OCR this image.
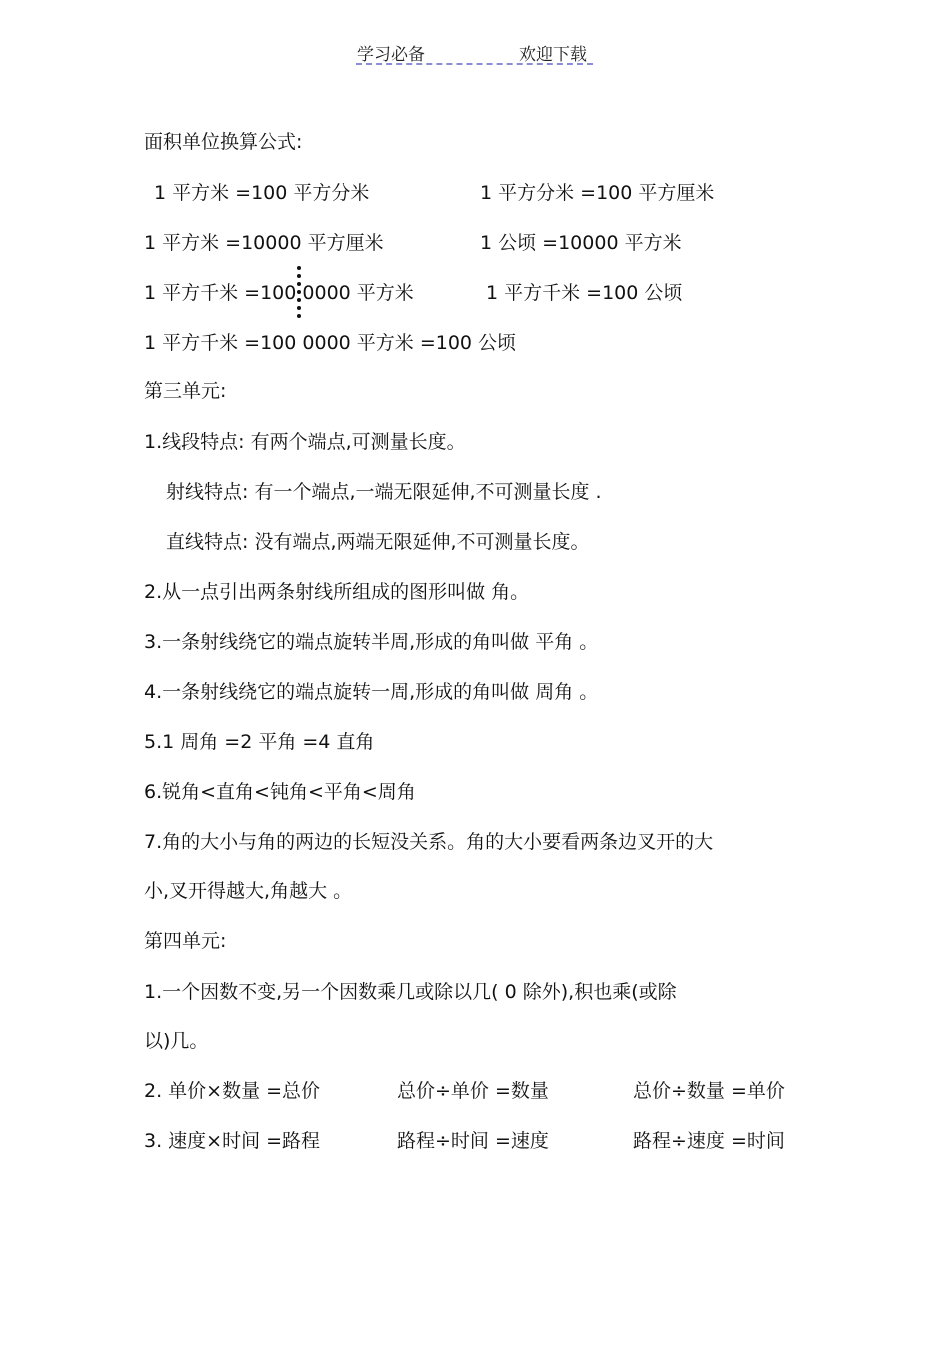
学习必备	欢迎下载
面积单位换算公式:
1 平方米 =100 平方分米	1 平方分米 =100 平方厘米
1 平方米 =10000 平方厘米	1 公顷 =10000 平方米
1 平方千米 =100 0000 平方米	1 平方千米 =100 公顷
1 平方千米 =100 0000 平方米 =100 公顷
第三单元:
1.线段特点: 有两个端点,可测量长度。
射线特点: 有一个端点,一端无限延伸,不可测量长度 .
直线特点: 没有端点,两端无限延伸,不可测量长度。
2.从一点引出两条射线所组成的图形叫做 角。
3.一条射线绕它的端点旋转半周,形成的角叫做 平角 。
4.一条射线绕它的端点旋转一周,形成的角叫做 周角 。
5.1 周角 =2 平角 =4 直角
6.锐角<直角<钝角<平角<周角
7.角的大小与角的两边的长短没关系。角的大小要看两条边叉开的大
小,叉开得越大,角越大 。
第四单元:
1.一个因数不变,另一个因数乘几或除以几( 0 除外),积也乘(或除
以)几。
2. 单价×数量 =总价	总价÷单价 =数量	总价÷数量 =单价
3. 速度×时间 =路程	路程÷时间 =速度	路程÷速度 =时间
